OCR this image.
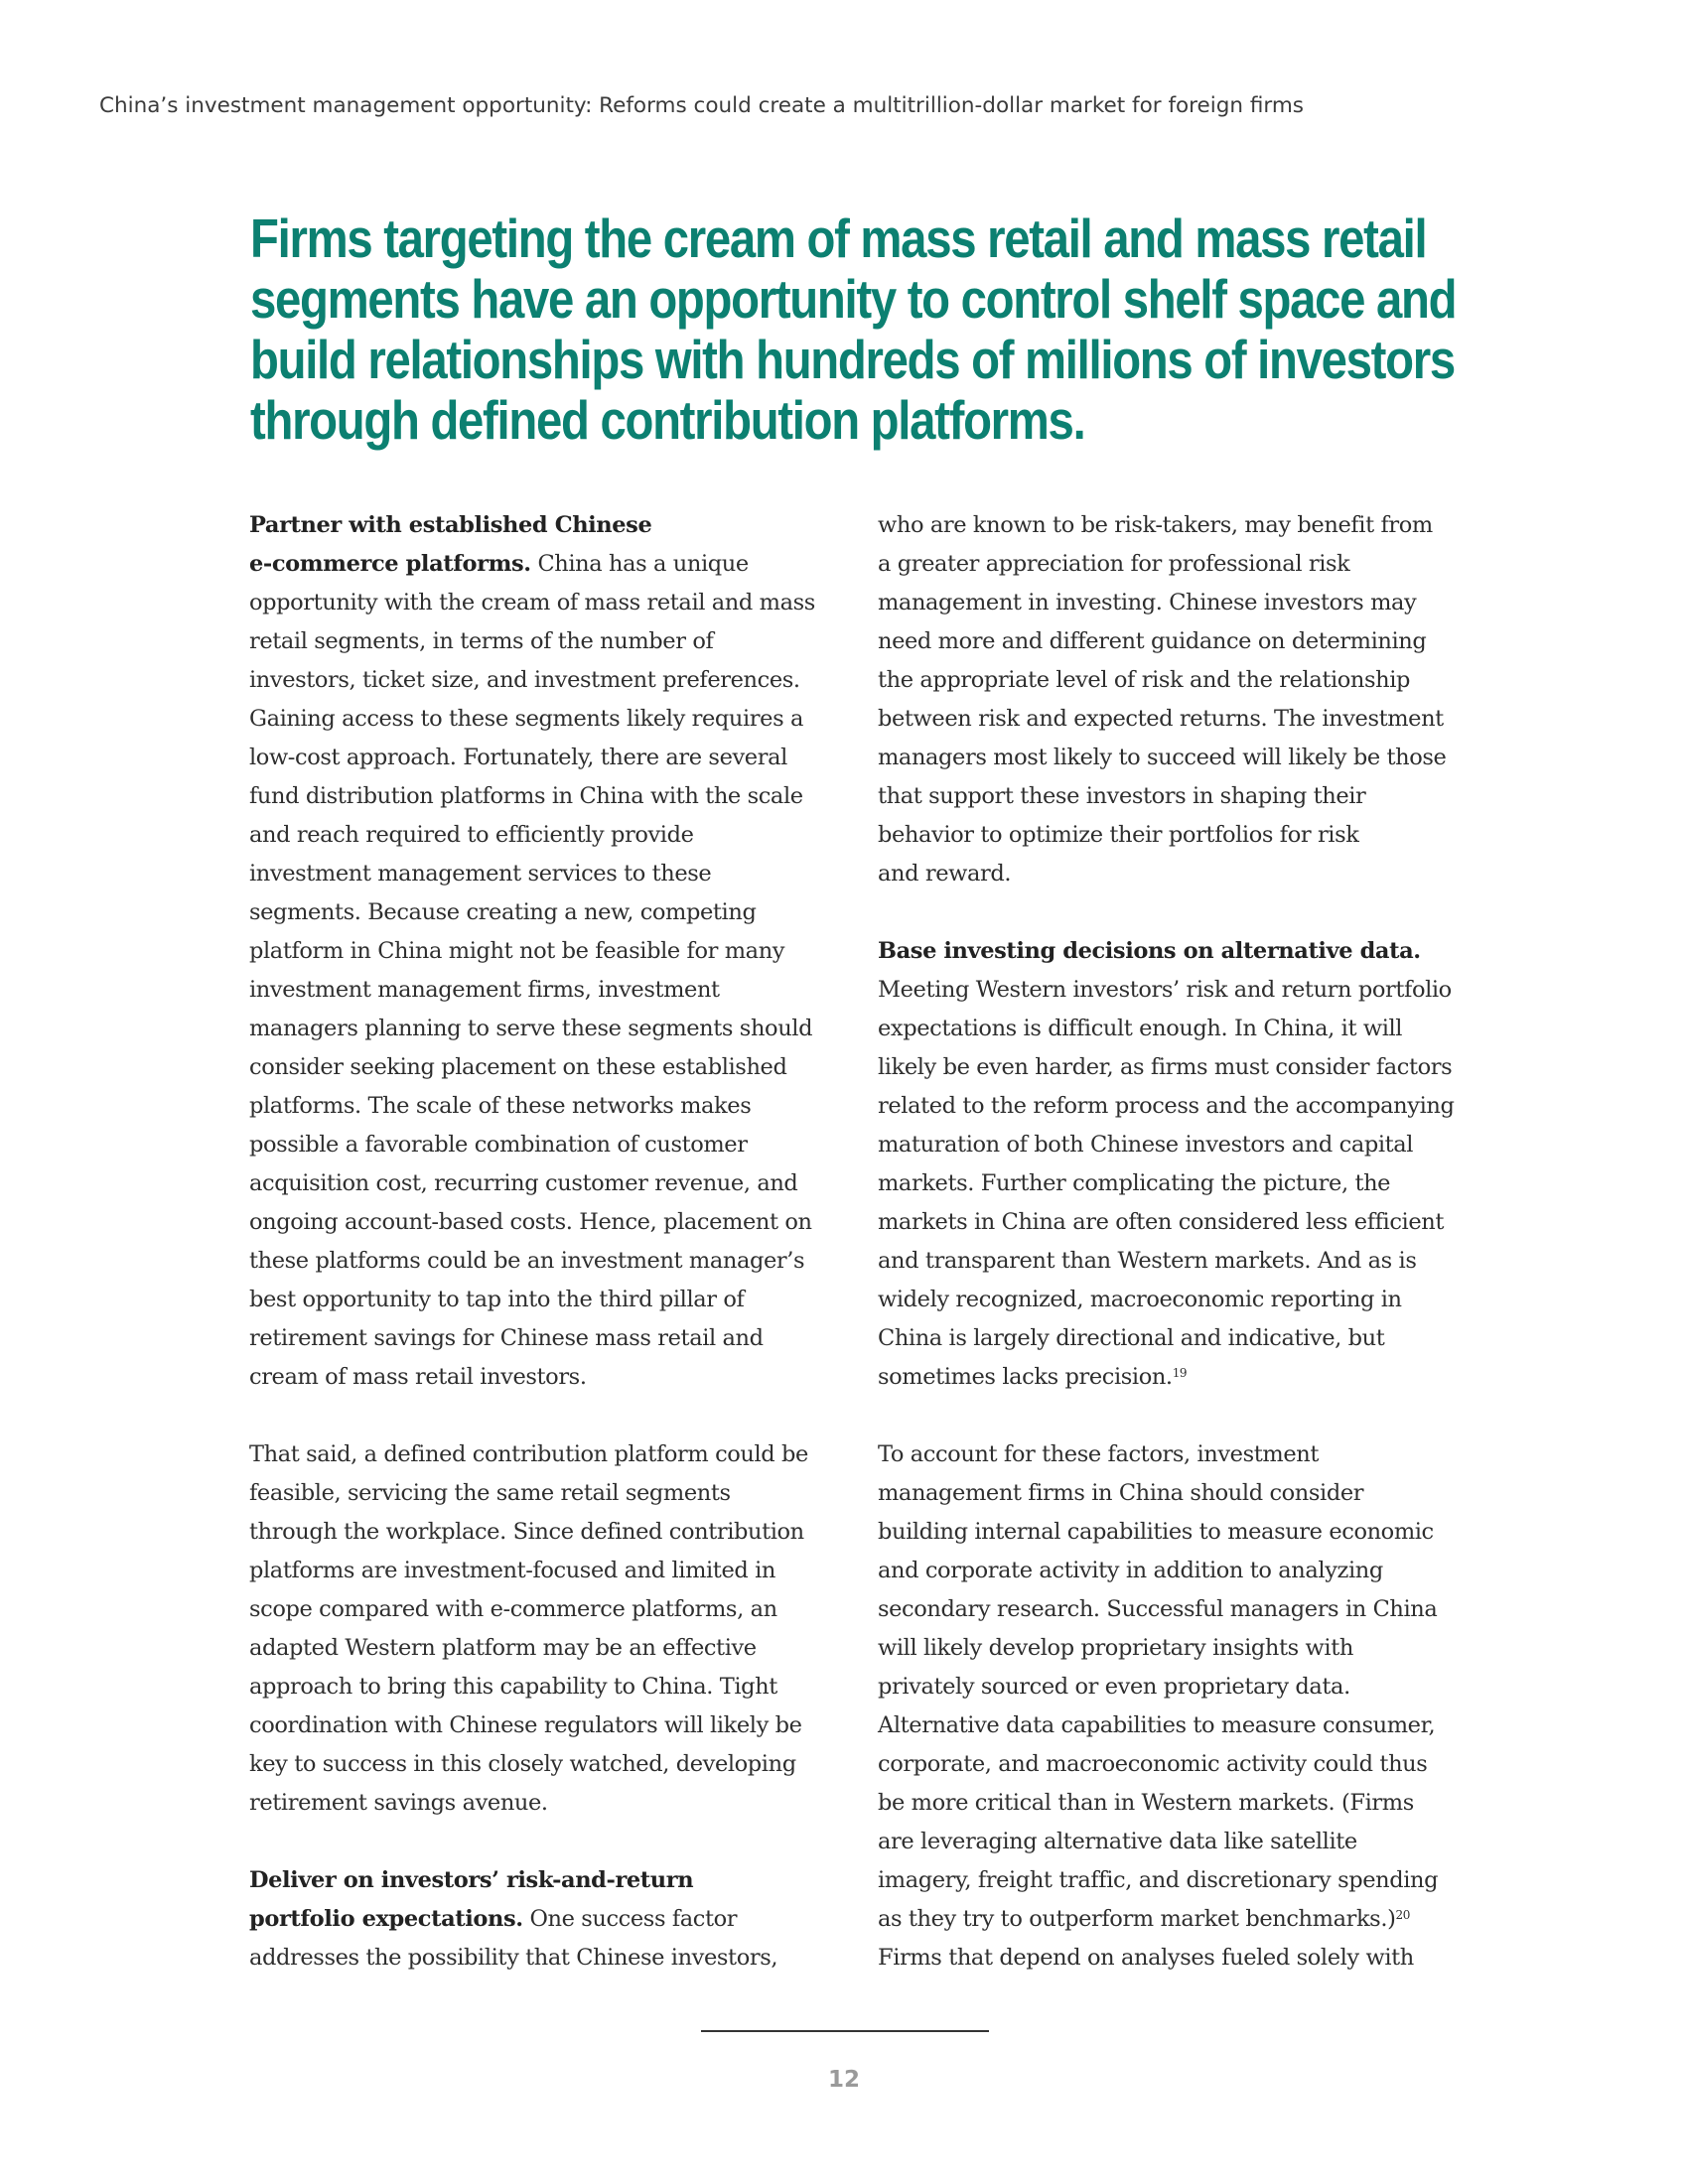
China’s investment management opportunity: Reforms could create a multitrillion-dollar market for foreign firms
Firms targeting the cream of mass retail and mass retail
segments have an opportunity to control shelf space and
build relationships with hundreds of millions of investors
through defined contribution platforms.
Partner with established Chinese
e-commerce platforms. China has a unique
opportunity with the cream of mass retail and mass
retail segments, in terms of the number of
investors, ticket size, and investment preferences.
Gaining access to these segments likely requires a
low-cost approach. Fortunately, there are several
fund distribution platforms in China with the scale
and reach required to efficiently provide
investment management services to these
segments. Because creating a new, competing
platform in China might not be feasible for many
investment management firms, investment
managers planning to serve these segments should
consider seeking placement on these established
platforms. The scale of these networks makes
possible a favorable combination of customer
acquisition cost, recurring customer revenue, and
ongoing account-based costs. Hence, placement on
these platforms could be an investment manager’s
best opportunity to tap into the third pillar of
retirement savings for Chinese mass retail and
cream of mass retail investors.
That said, a defined contribution platform could be
feasible, servicing the same retail segments
through the workplace. Since defined contribution
platforms are investment-focused and limited in
scope compared with e-commerce platforms, an
adapted Western platform may be an effective
approach to bring this capability to China. Tight
coordination with Chinese regulators will likely be
key to success in this closely watched, developing
retirement savings avenue.
Deliver on investors’ risk-and-return
portfolio expectations. One success factor
addresses the possibility that Chinese investors,
who are known to be risk-takers, may benefit from
a greater appreciation for professional risk
management in investing. Chinese investors may
need more and different guidance on determining
the appropriate level of risk and the relationship
between risk and expected returns. The investment
managers most likely to succeed will likely be those
that support these investors in shaping their
behavior to optimize their portfolios for risk
and reward.
Base investing decisions on alternative data.
Meeting Western investors’ risk and return portfolio
expectations is difficult enough. In China, it will
likely be even harder, as firms must consider factors
related to the reform process and the accompanying
maturation of both Chinese investors and capital
markets. Further complicating the picture, the
markets in China are often considered less efficient
and transparent than Western markets. And as is
widely recognized, macroeconomic reporting in
China is largely directional and indicative, but
sometimes lacks precision.$^{19}$
To account for these factors, investment
management firms in China should consider
building internal capabilities to measure economic
and corporate activity in addition to analyzing
secondary research. Successful managers in China
will likely develop proprietary insights with
privately sourced or even proprietary data.
Alternative data capabilities to measure consumer,
corporate, and macroeconomic activity could thus
be more critical than in Western markets. (Firms
are leveraging alternative data like satellite
imagery, freight traffic, and discretionary spending
as they try to outperform market benchmarks.)$^{20}$
Firms that depend on analyses fueled solely with
12
